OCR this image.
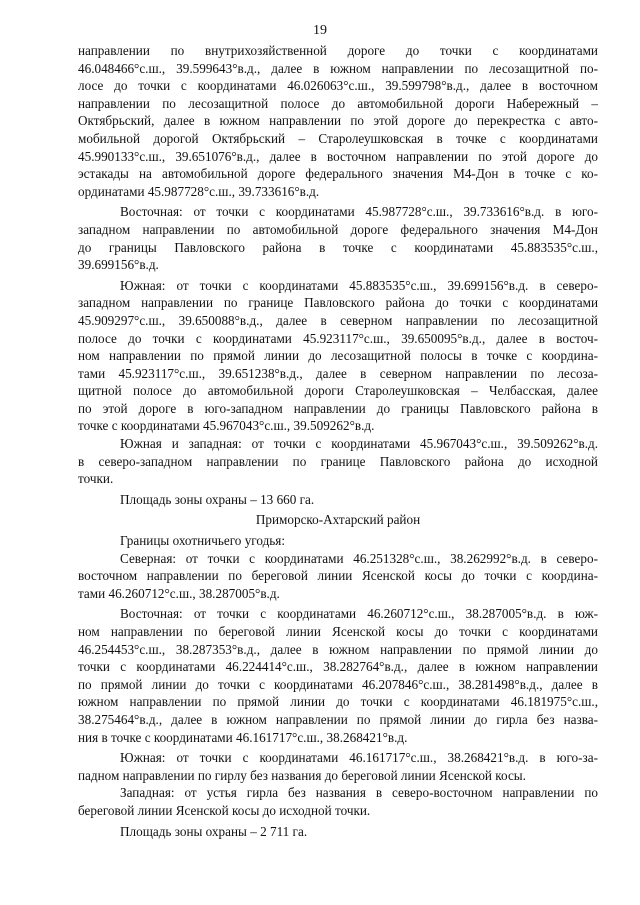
19
направлении по внутрихозяйственной дороге до точки с координатами
46.048466°с.ш., 39.599643°в.д., далее в южном направлении по лесозащитной по-
лосе до точки с координатами 46.026063°с.ш., 39.599798°в.д., далее в восточном
направлении по лесозащитной полосе до автомобильной дороги Набережный –
Октябрьский, далее в южном направлении по этой дороге до перекрестка с авто-
мобильной дорогой Октябрьский – Старолеушковская в точке с координатами
45.990133°с.ш., 39.651076°в.д., далее в восточном направлении по этой дороге до
эстакады на автомобильной дороге федерального значения М4-Дон в точке с ко-
ординатами 45.987728°с.ш., 39.733616°в.д.
Восточная: от точки с координатами 45.987728°с.ш., 39.733616°в.д. в юго-
западном направлении по автомобильной дороге федерального значения М4-Дон
до границы Павловского района в точке с координатами 45.883535°с.ш.,
39.699156°в.д.
Южная: от точки с координатами 45.883535°с.ш., 39.699156°в.д. в северо-
западном направлении по границе Павловского района до точки с координатами
45.909297°с.ш., 39.650088°в.д., далее в северном направлении по лесозащитной
полосе до точки с координатами 45.923117°с.ш., 39.650095°в.д., далее в восточ-
ном направлении по прямой линии до лесозащитной полосы в точке с координа-
тами 45.923117°с.ш., 39.651238°в.д., далее в северном направлении по лесоза-
щитной полосе до автомобильной дороги Старолеушковская – Челбасская, далее
по этой дороге в юго-западном направлении до границы Павловского района в
точке с координатами 45.967043°с.ш., 39.509262°в.д.
Южная и западная: от точки с координатами 45.967043°с.ш., 39.509262°в.д.
в северо-западном направлении по границе Павловского района до исходной
точки.
Площадь зоны охраны – 13 660 га.
Приморско-Ахтарский район
Границы охотничьего угодья:
Северная: от точки с координатами 46.251328°с.ш., 38.262992°в.д. в северо-
восточном направлении по береговой линии Ясенской косы до точки с координа-
тами 46.260712°с.ш., 38.287005°в.д.
Восточная: от точки с координатами 46.260712°с.ш., 38.287005°в.д. в юж-
ном направлении по береговой линии Ясенской косы до точки с координатами
46.254453°с.ш., 38.287353°в.д., далее в южном направлении по прямой линии до
точки с координатами 46.224414°с.ш., 38.282764°в.д., далее в южном направлении
по прямой линии до точки с координатами 46.207846°с.ш., 38.281498°в.д., далее в
южном направлении по прямой линии до точки с координатами 46.181975°с.ш.,
38.275464°в.д., далее в южном направлении по прямой линии до гирла без назва-
ния в точке с координатами 46.161717°с.ш., 38.268421°в.д.
Южная: от точки с координатами 46.161717°с.ш., 38.268421°в.д. в юго-за-
падном направлении по гирлу без названия до береговой линии Ясенской косы.
Западная: от устья гирла без названия в северо-восточном направлении по
береговой линии Ясенской косы до исходной точки.
Площадь зоны охраны – 2 711 га.
